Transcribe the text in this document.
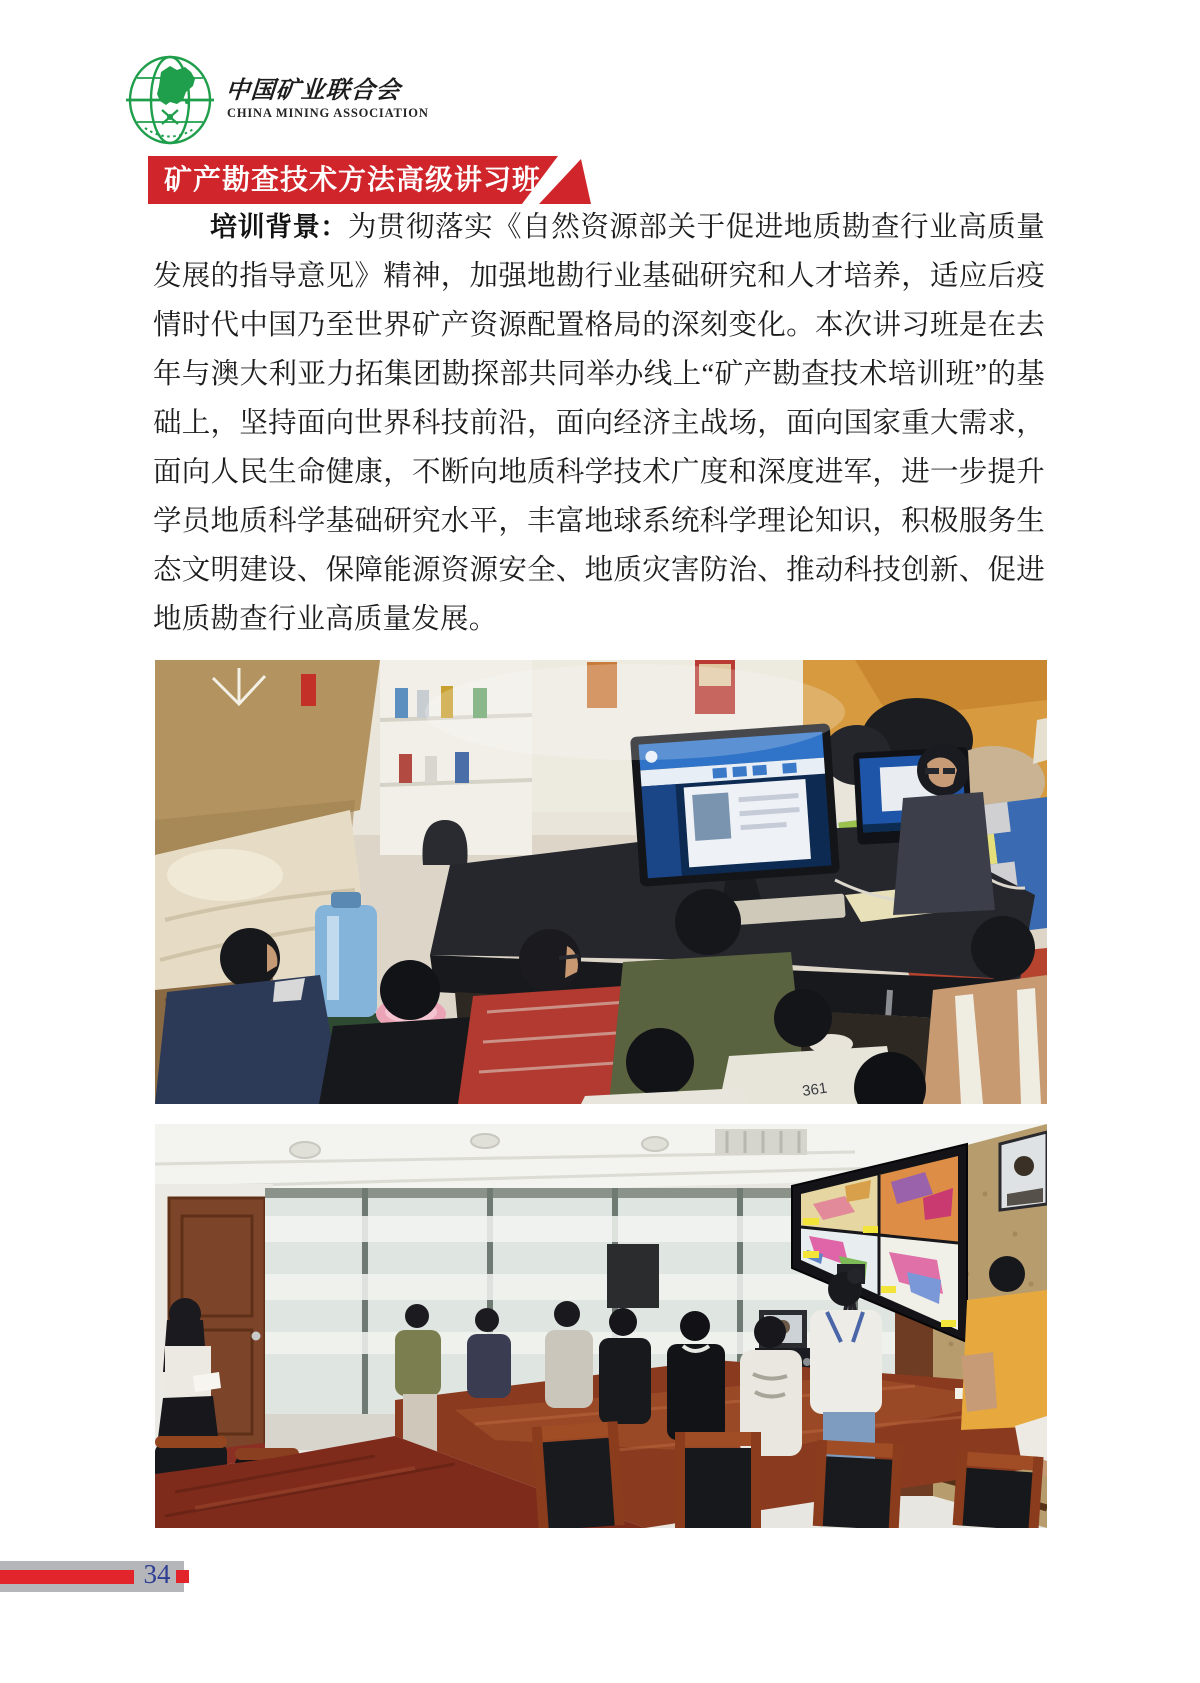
中国矿业联合会
CHINA MINING ASSOCIATION
矿产勘查技术方法高级讲习班

培训背景：为贯彻落实《自然资源部关于促进地质勘查行业高质量发展的指导意见》精神，加强地勘行业基础研究和人才培养，适应后疫情时代中国乃至世界矿产资源配置格局的深刻变化。本次讲习班是在去年与澳大利亚力拓集团勘探部共同举办线上“矿产勘查技术培训班”的基础上，坚持面向世界科技前沿，面向经济主战场，面向国家重大需求，面向人民生命健康，不断向地质科学技术广度和深度进军，进一步提升学员地质科学基础研究水平，丰富地球系统科学理论知识，积极服务生态文明建设、保障能源资源安全、地质灾害防治、推动科技创新、促进地质勘查行业高质量发展。

361
34
